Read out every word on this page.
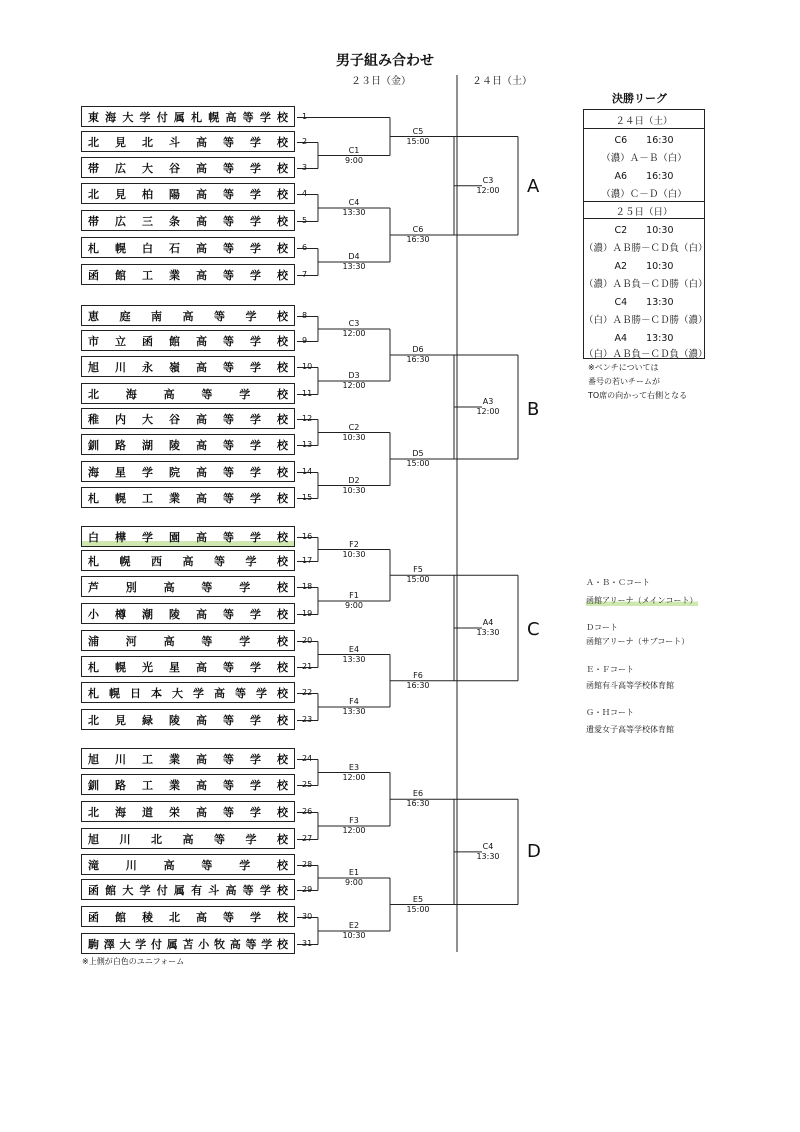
男子組み合わせ
２３日（金）	２４日（土）
東海大学付属札幌高等学校	1
北見北斗高等学校	2
帯広大谷高等学校	3
北見柏陽高等学校	4
帯広三条高等学校	5
札幌白石高等学校	6
函館工業高等学校	7
恵庭南高等学校	8
市立函館高等学校	9
旭川永嶺高等学校	10
北海高等学校	11
稚内大谷高等学校	12
釧路湖陵高等学校	13
海星学院高等学校	14
札幌工業高等学校	15
白樺学園高等学校	16
札幌西高等学校	17
芦別高等学校	18
小樽潮陵高等学校	19
浦河高等学校	20
札幌光星高等学校	21
札幌日本大学高等学校	22
北見緑陵高等学校	23
旭川工業高等学校	24
釧路工業高等学校	25
北海道栄高等学校	26
旭川北高等学校	27
滝川高等学校	28
函館大学付属有斗高等学校	29
函館稜北高等学校	30
駒澤大学付属苫小牧高等学校	31
C1
9:00
C4
13:30
D4
13:30
C3
12:00
D3
12:00
C2
10:30
D2
10:30
F2
10:30
F1
9:00
E4
13:30
F4
13:30
E3
12:00
F3
12:00
E1
9:00
E2
10:30
C5
15:00
C6
16:30
D6
16:30
D5
15:00
F5
15:00
F6
16:30
E6
16:30
E5
15:00
C3
12:00
A3
12:00
A4
13:30
C4
13:30
A
B
C
D
決勝リーグ
２４日（土）
C6　　16:30
（濃）Ａ－Ｂ（白）
A6　　16:30
（濃）Ｃ－Ｄ（白）
２５日（日）
C2　　10:30
（濃）ＡＢ勝－ＣＤ負（白）
A2　　10:30
（濃）ＡＢ負－ＣＤ勝（白）
C4　　13:30
（白）ＡＢ勝－ＣＤ勝（濃）
A4　　13:30
（白）ＡＢ負－ＣＤ負（濃）
※ベンチについては
番号の若いチームが
TO席の向かって右側となる
Ａ・Ｂ・Ｃコート
函館アリーナ（メインコート）
Ｄコート
函館アリーナ（サブコート）
Ｅ・Ｆコート
函館有斗高等学校体育館
Ｇ・Ｈコート
遺愛女子高等学校体育館
※上側が白色のユニフォーム
